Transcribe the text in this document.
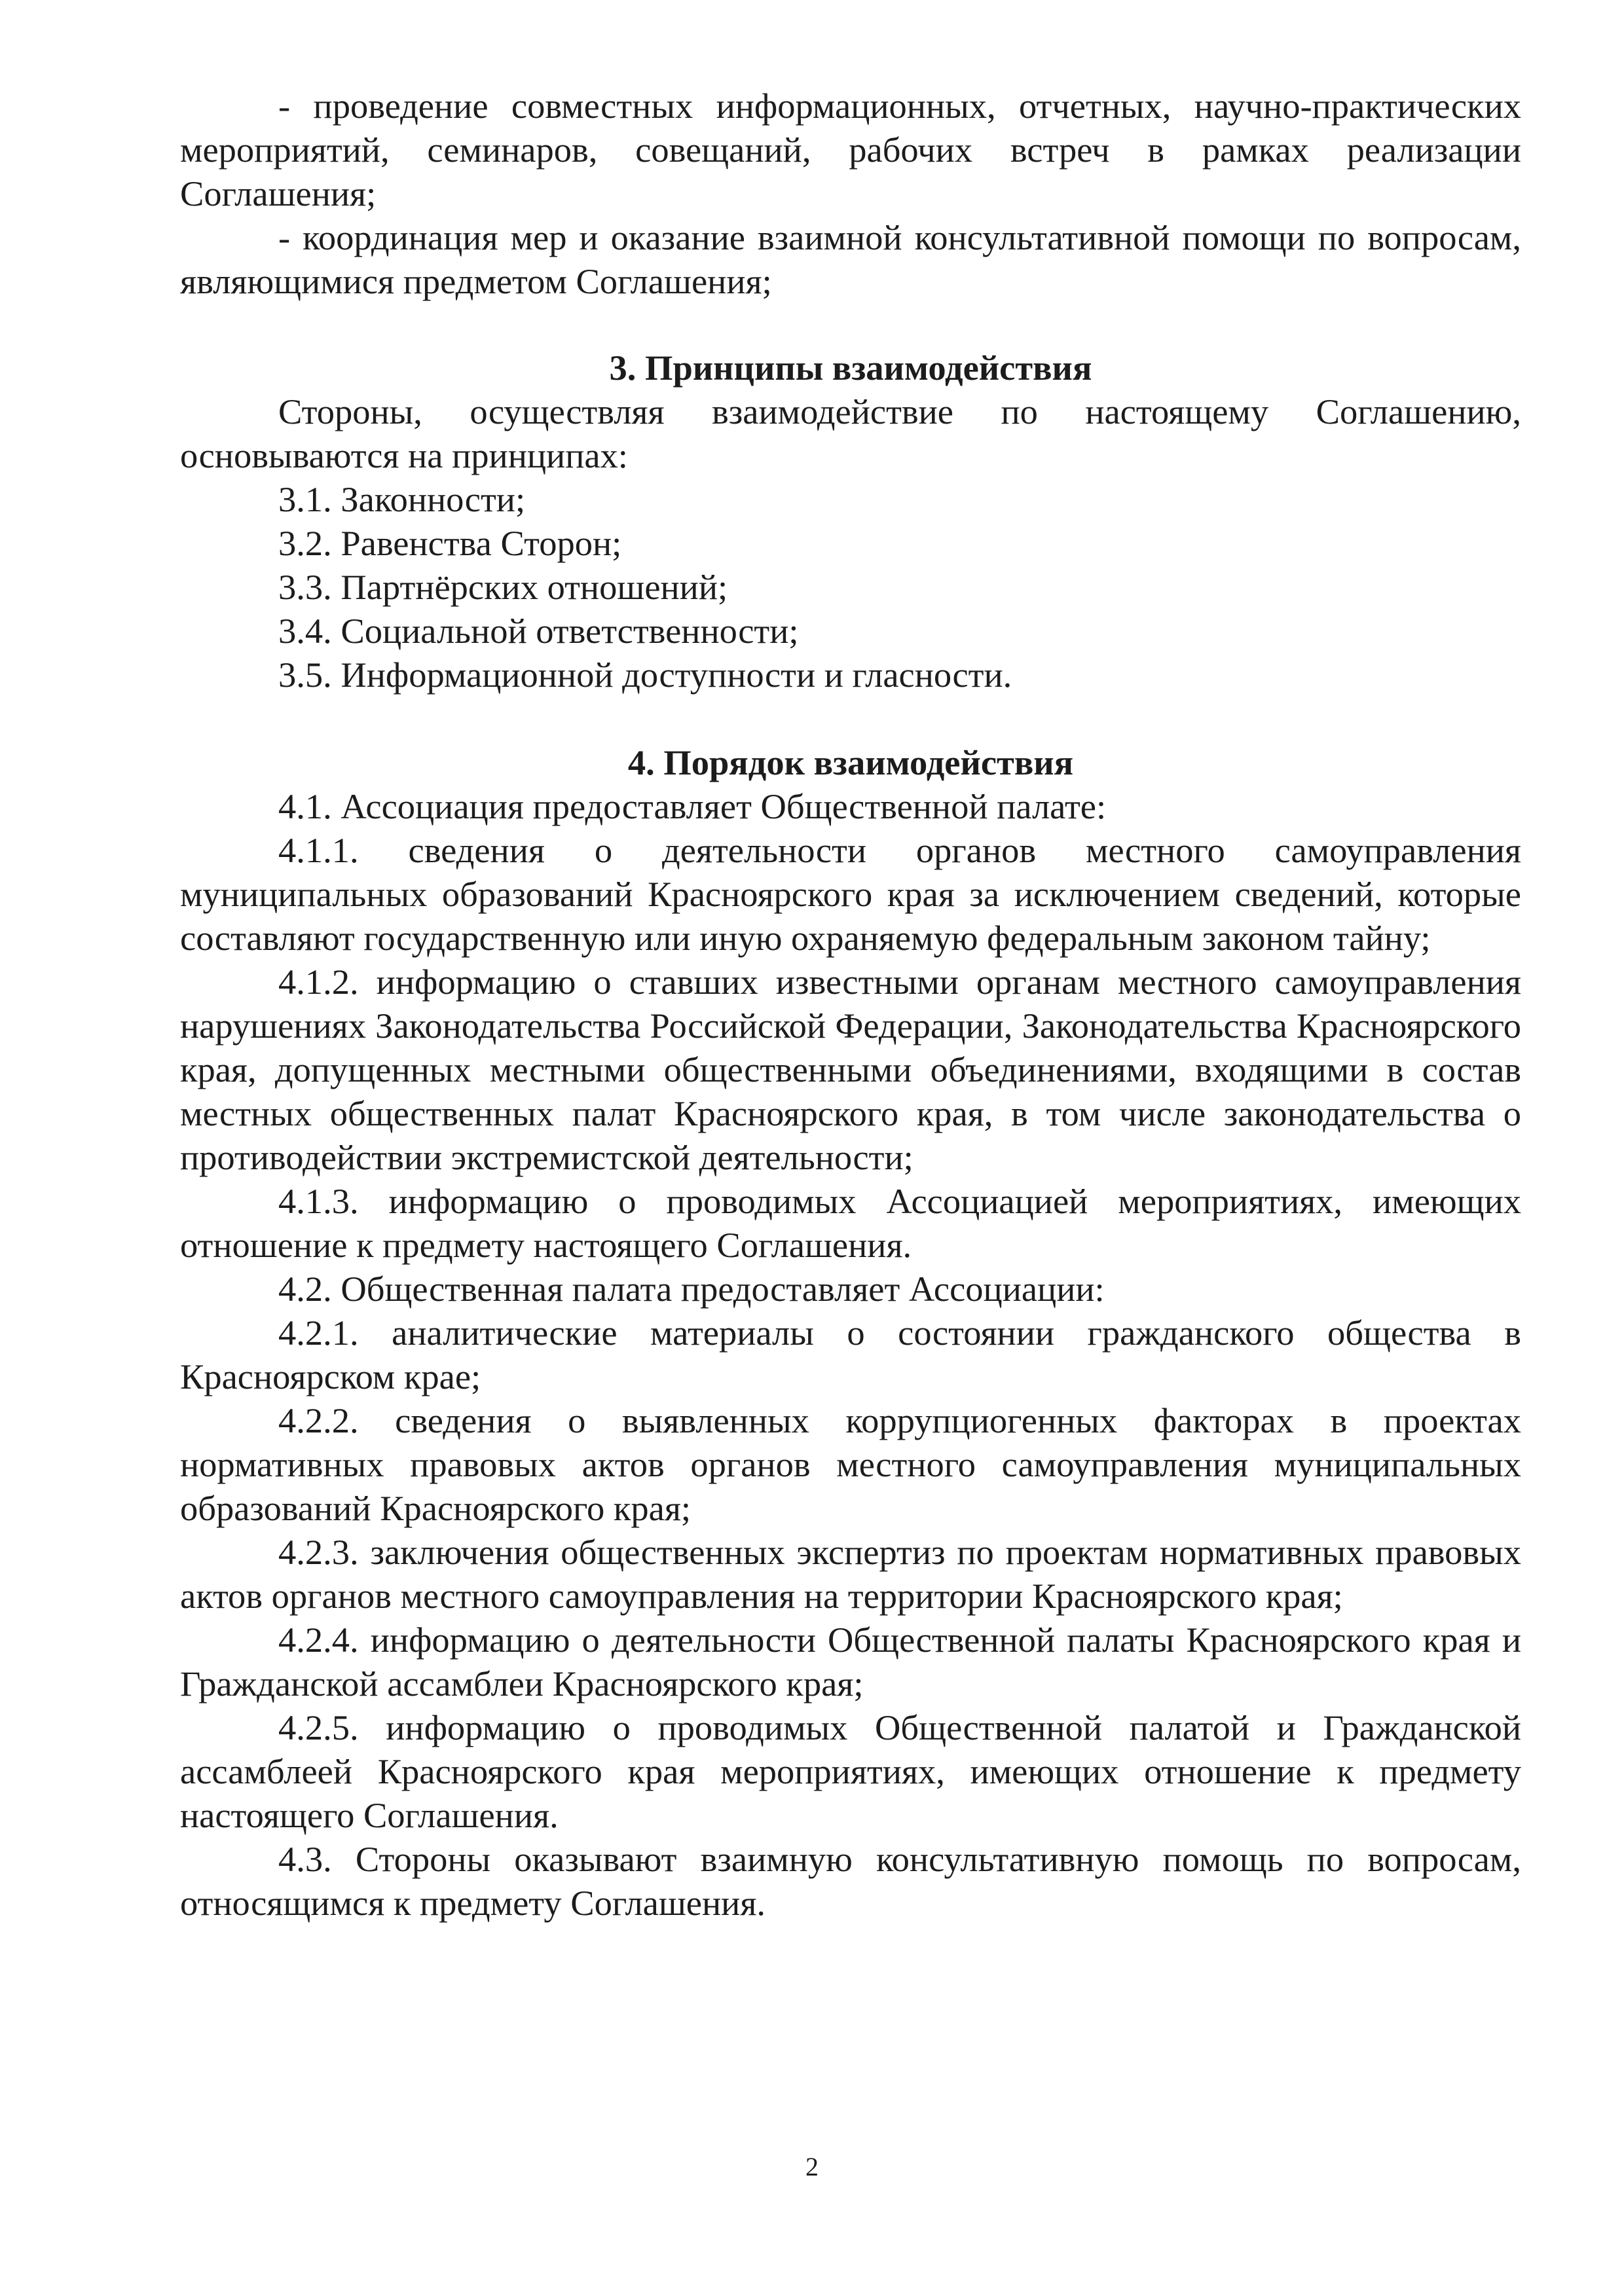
- проведение совместных информационных, отчетных, научно-практических мероприятий, семинаров, совещаний, рабочих встреч в рамках реализации Соглашения;

- координация мер и оказание взаимной консультативной помощи по вопросам, являющимися предметом Соглашения;

3. Принципы взаимодействия

Стороны, осуществляя взаимодействие по настоящему Соглашению, основываются на принципах:

3.1. Законности;

3.2. Равенства Сторон;

3.3. Партнёрских отношений;

3.4. Социальной ответственности;

3.5. Информационной доступности и гласности.

4. Порядок взаимодействия

4.1. Ассоциация предоставляет Общественной палате:

4.1.1. сведения о деятельности органов местного самоуправления муниципальных образований Красноярского края за исключением сведений, которые составляют государственную или иную охраняемую федеральным законом тайну;

4.1.2. информацию о ставших известными органам местного самоуправления нарушениях Законодательства Российской Федерации, Законодательства Красноярского края, допущенных местными общественными объединениями, входящими в состав местных общественных палат Красноярского края, в том числе законодательства о противодействии экстремистской деятельности;

4.1.3. информацию о проводимых Ассоциацией мероприятиях, имеющих отношение к предмету настоящего Соглашения.

4.2. Общественная палата предоставляет Ассоциации:

4.2.1. аналитические материалы о состоянии гражданского общества в Красноярском крае;

4.2.2. сведения о выявленных коррупциогенных факторах в проектах нормативных правовых актов органов местного самоуправления муниципальных образований Красноярского края;

4.2.3. заключения общественных экспертиз по проектам нормативных правовых актов органов местного самоуправления на территории Красноярского края;

4.2.4. информацию о деятельности Общественной палаты Красноярского края и Гражданской ассамблеи Красноярского края;

4.2.5. информацию о проводимых Общественной палатой и Гражданской ассамблеей Красноярского края мероприятиях, имеющих отношение к предмету настоящего Соглашения.

4.3. Стороны оказывают взаимную консультативную помощь по вопросам, относящимся к предмету Соглашения.

2
